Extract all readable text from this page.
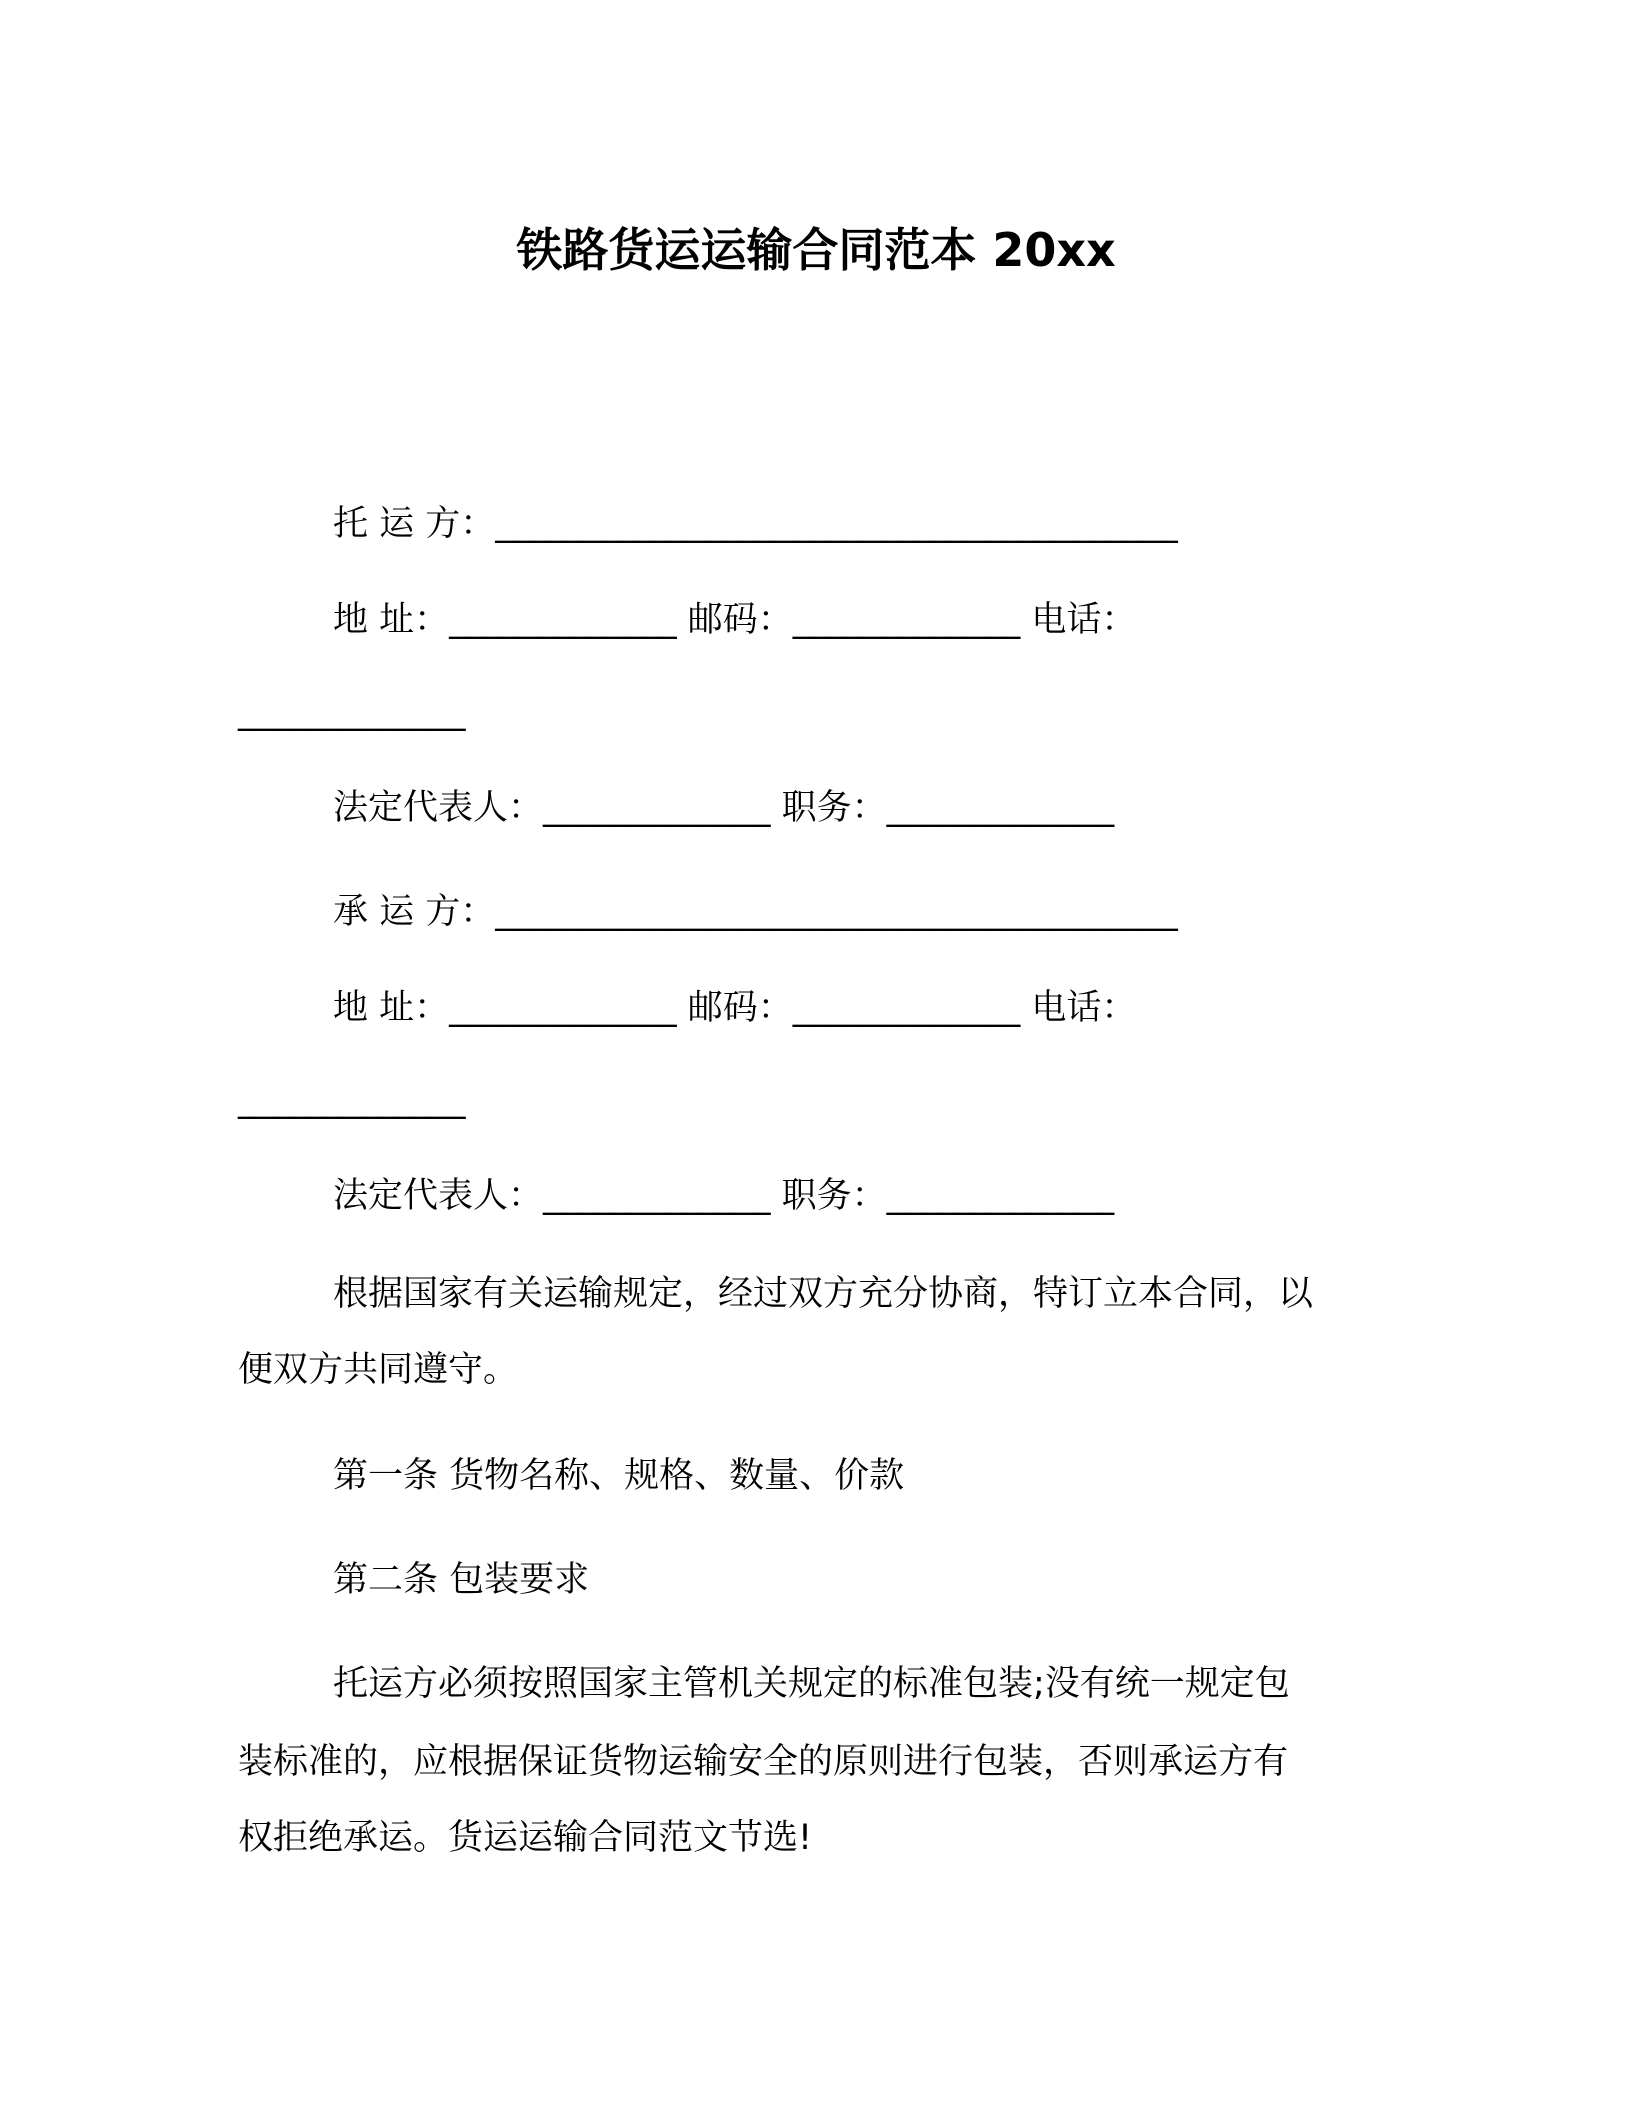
铁路货运运输合同范本 20xx
托 运 方：_______________________________________
地 址：_____________ 邮码：_____________ 电话：
_____________
法定代表人：_____________ 职务：_____________
承 运 方：_______________________________________
地 址：_____________ 邮码：_____________ 电话：
_____________
法定代表人：_____________ 职务：_____________
根据国家有关运输规定，经过双方充分协商，特订立本合同，以
便双方共同遵守。
第一条 货物名称、规格、数量、价款
第二条 包装要求
托运方必须按照国家主管机关规定的标准包装;没有统一规定包
装标准的，应根据保证货物运输安全的原则进行包装，否则承运方有
权拒绝承运。货运运输合同范文节选!
